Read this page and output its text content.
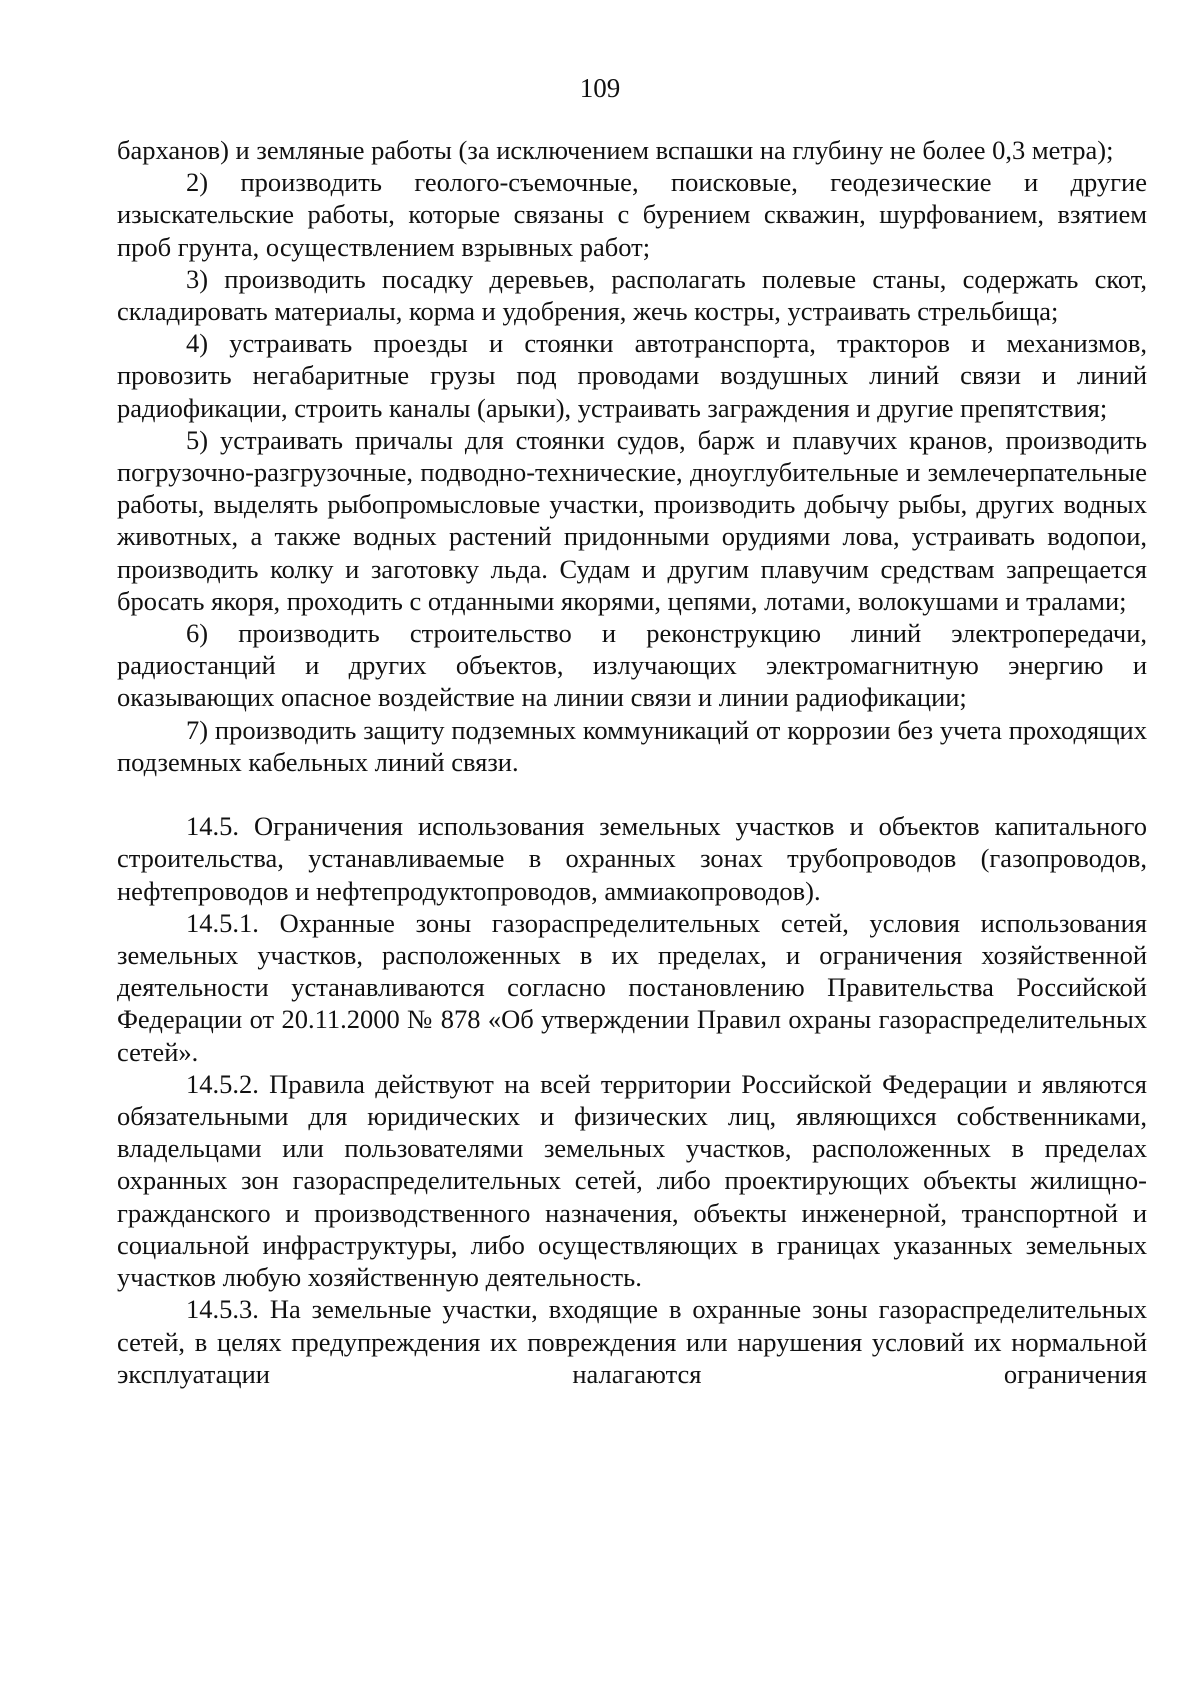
109

барханов) и земляные работы (за исключением вспашки на глубину не более 0,3 метра);

2) производить геолого-съемочные, поисковые, геодезические и другие изыскательские работы, которые связаны с бурением скважин, шурфованием, взятием проб грунта, осуществлением взрывных работ;

3) производить посадку деревьев, располагать полевые станы, содержать скот, складировать материалы, корма и удобрения, жечь костры, устраивать стрельбища;

4) устраивать проезды и стоянки автотранспорта, тракторов и механизмов, провозить негабаритные грузы под проводами воздушных линий связи и линий радиофикации, строить каналы (арыки), устраивать заграждения и другие препятствия;

5) устраивать причалы для стоянки судов, барж и плавучих кранов, производить погрузочно-разгрузочные, подводно-технические, дноуглубительные и землечерпательные работы, выделять рыбопромысловые участки, производить добычу рыбы, других водных животных, а также водных растений придонными орудиями лова, устраивать водопои, производить колку и заготовку льда. Судам и другим плавучим средствам запрещается бросать якоря, проходить с отданными якорями, цепями, лотами, волокушами и тралами;

6) производить строительство и реконструкцию линий электропередачи, радиостанций и других объектов, излучающих электромагнитную энергию и оказывающих опасное воздействие на линии связи и линии радиофикации;

7) производить защиту подземных коммуникаций от коррозии без учета проходящих подземных кабельных линий связи.

14.5. Ограничения использования земельных участков и объектов капитального строительства, устанавливаемые в охранных зонах трубопроводов (газопроводов, нефтепроводов и нефтепродуктопроводов, аммиакопроводов).

14.5.1. Охранные зоны газораспределительных сетей, условия использования земельных участков, расположенных в их пределах, и ограничения хозяйственной деятельности устанавливаются согласно постановлению Правительства Российской Федерации от 20.11.2000 № 878 «Об утверждении Правил охраны газораспределительных сетей».

14.5.2. Правила действуют на всей территории Российской Федерации и являются обязательными для юридических и физических лиц, являющихся собственниками, владельцами или пользователями земельных участков, расположенных в пределах охранных зон газораспределительных сетей, либо проектирующих объекты жилищно-гражданского и производственного назначения, объекты инженерной, транспортной и социальной инфраструктуры, либо осуществляющих в границах указанных земельных участков любую хозяйственную деятельность.

14.5.3. На земельные участки, входящие в охранные зоны газораспределительных сетей, в целях предупреждения их повреждения или нарушения условий их нормальной эксплуатации налагаются ограничения
